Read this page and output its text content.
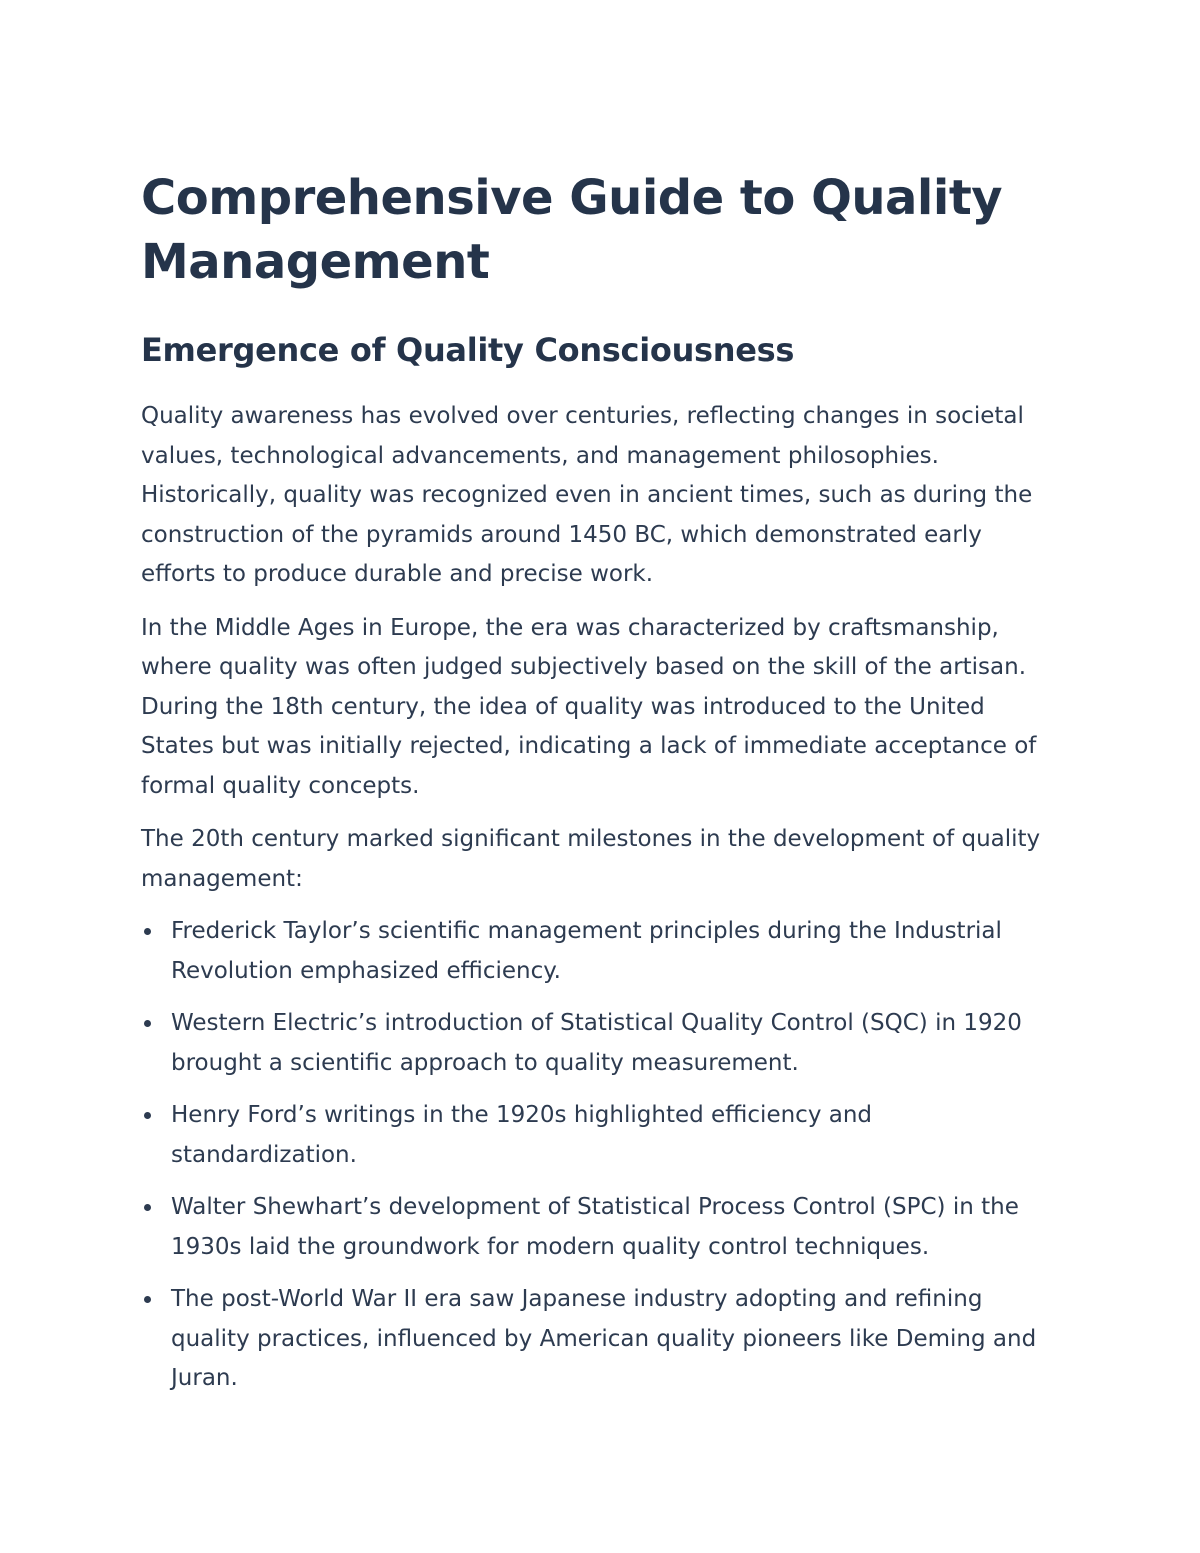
Comprehensive Guide to Quality Management
Emergence of Quality Consciousness

Quality awareness has evolved over centuries, reflecting changes in societal values, technological advancements, and management philosophies. Historically, quality was recognized even in ancient times, such as during the construction of the pyramids around 1450 BC, which demonstrated early efforts to produce durable and precise work.

In the Middle Ages in Europe, the era was characterized by craftsmanship, where quality was often judged subjectively based on the skill of the artisan. During the 18th century, the idea of quality was introduced to the United States but was initially rejected, indicating a lack of immediate acceptance of formal quality concepts.

The 20th century marked significant milestones in the development of quality management:

Frederick Taylor’s scientific management principles during the Industrial Revolution emphasized efficiency.
Western Electric’s introduction of Statistical Quality Control (SQC) in 1920 brought a scientific approach to quality measurement.
Henry Ford’s writings in the 1920s highlighted efficiency and standardization.
Walter Shewhart’s development of Statistical Process Control (SPC) in the 1930s laid the groundwork for modern quality control techniques.
The post-World War II era saw Japanese industry adopting and refining quality practices, influenced by American quality pioneers like Deming and Juran.
